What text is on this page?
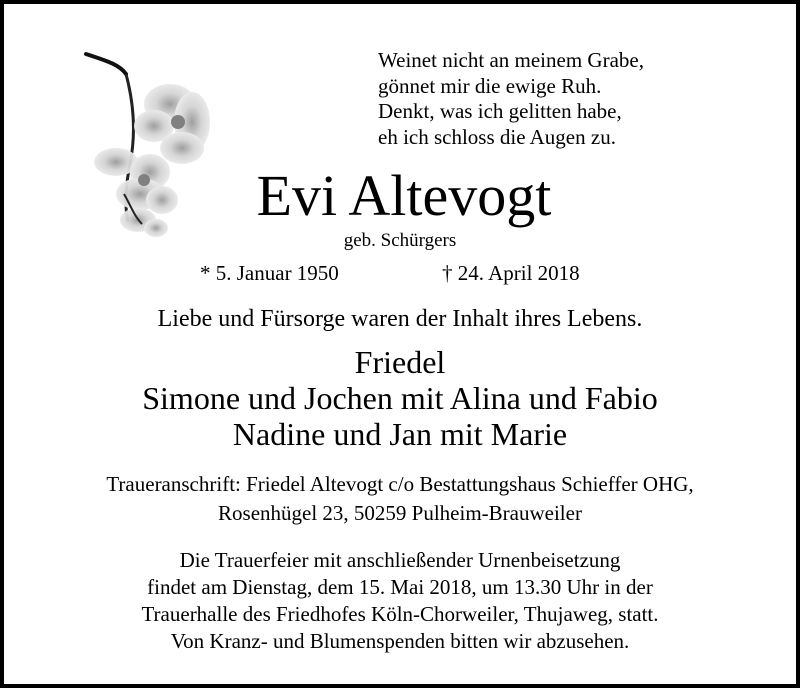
Weinet nicht an meinem Grabe,
gönnet mir die ewige Ruh.
Denkt, was ich gelitten habe,
eh ich schloss die Augen zu.
Evi Altevogt
geb. Schürgers
* 5. Januar 1950	† 24. April 2018
Liebe und Fürsorge waren der Inhalt ihres Lebens.
Friedel
Simone und Jochen mit Alina und Fabio
Nadine und Jan mit Marie
Traueranschrift: Friedel Altevogt c/o Bestattungshaus Schieffer OHG,
Rosenhügel 23, 50259 Pulheim-Brauweiler
Die Trauerfeier mit anschließender Urnenbeisetzung
findet am Dienstag, dem 15. Mai 2018, um 13.30 Uhr in der
Trauerhalle des Friedhofes Köln-Chorweiler, Thujaweg, statt.
Von Kranz- und Blumenspenden bitten wir abzusehen.
